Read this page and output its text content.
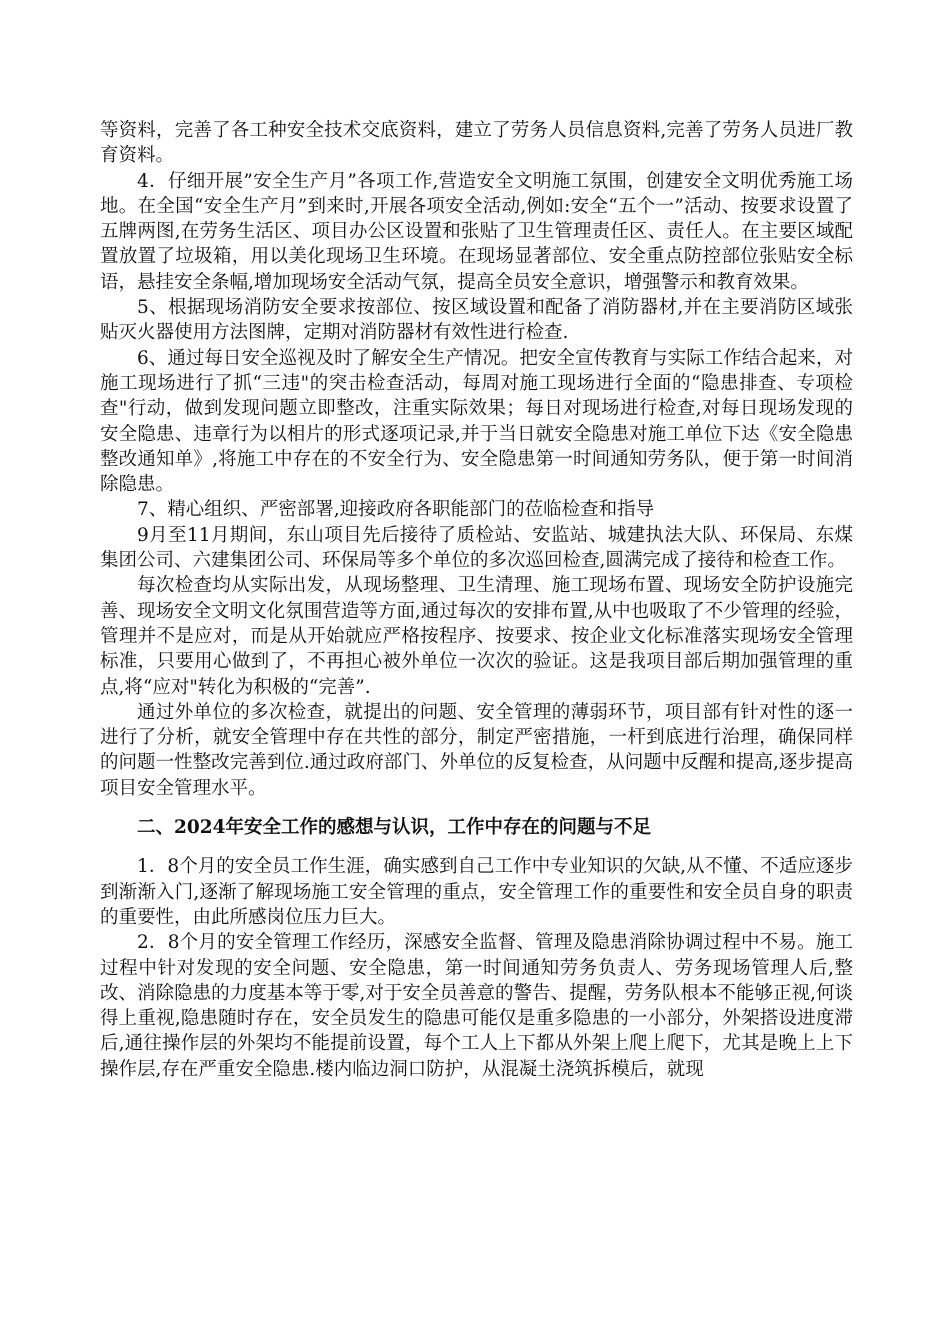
等资料，完善了各工种安全技术交底资料，建立了劳务人员信息资料,完善了劳务人员进厂教育资料。

4．仔细开展”安全生产月”各项工作,营造安全文明施工氛围，创建安全文明优秀施工场地。在全国“安全生产月”到来时,开展各项安全活动,例如:安全“五个一”活动、按要求设置了五牌两图,在劳务生活区、项目办公区设置和张贴了卫生管理责任区、责任人。在主要区域配置放置了垃圾箱，用以美化现场卫生环境。在现场显著部位、安全重点防控部位张贴安全标语，悬挂安全条幅,增加现场安全活动气氛，提高全员安全意识，增强警示和教育效果。

5、根据现场消防安全要求按部位、按区域设置和配备了消防器材,并在主要消防区域张贴灭火器使用方法图牌，定期对消防器材有效性进行检查.

6、通过每日安全巡视及时了解安全生产情况。把安全宣传教育与实际工作结合起来，对施工现场进行了抓“三违"的突击检查活动，每周对施工现场进行全面的“隐患排查、专项检查"行动，做到发现问题立即整改，注重实际效果；每日对现场进行检查,对每日现场发现的安全隐患、违章行为以相片的形式逐项记录,并于当日就安全隐患对施工单位下达《安全隐患整改通知单》,将施工中存在的不安全行为、安全隐患第一时间通知劳务队，便于第一时间消除隐患。

7、精心组织、严密部署,迎接政府各职能部门的莅临检查和指导

9月至11月期间，东山项目先后接待了质检站、安监站、城建执法大队、环保局、东煤集团公司、六建集团公司、环保局等多个单位的多次巡回检查,圆满完成了接待和检查工作。

每次检查均从实际出发，从现场整理、卫生清理、施工现场布置、现场安全防护设施完善、现场安全文明文化氛围营造等方面,通过每次的安排布置,从中也吸取了不少管理的经验，管理并不是应对，而是从开始就应严格按程序、按要求、按企业文化标准落实现场安全管理标准，只要用心做到了，不再担心被外单位一次次的验证。这是我项目部后期加强管理的重点,将“应对"转化为积极的“完善”.

通过外单位的多次检查，就提出的问题、安全管理的薄弱环节，项目部有针对性的逐一进行了分析，就安全管理中存在共性的部分，制定严密措施，一杆到底进行治理，确保同样的问题一性整改完善到位.通过政府部门、外单位的反复检查，从问题中反醒和提高,逐步提高项目安全管理水平。

二、2024年安全工作的感想与认识，工作中存在的问题与不足

1．8个月的安全员工作生涯，确实感到自己工作中专业知识的欠缺,从不懂、不适应逐步到渐渐入门,逐渐了解现场施工安全管理的重点，安全管理工作的重要性和安全员自身的职责的重要性，由此所感岗位压力巨大。

2．8个月的安全管理工作经历，深感安全监督、管理及隐患消除协调过程中不易。施工过程中针对发现的安全问题、安全隐患，第一时间通知劳务负责人、劳务现场管理人后,整改、消除隐患的力度基本等于零,对于安全员善意的警告、提醒，劳务队根本不能够正视,何谈得上重视,隐患随时存在，安全员发生的隐患可能仅是重多隐患的一小部分，外架搭设进度滞后,通往操作层的外架均不能提前设置，每个工人上下都从外架上爬上爬下，尤其是晚上上下操作层,存在严重安全隐患.楼内临边洞口防护，从混凝土浇筑拆模后，就现
